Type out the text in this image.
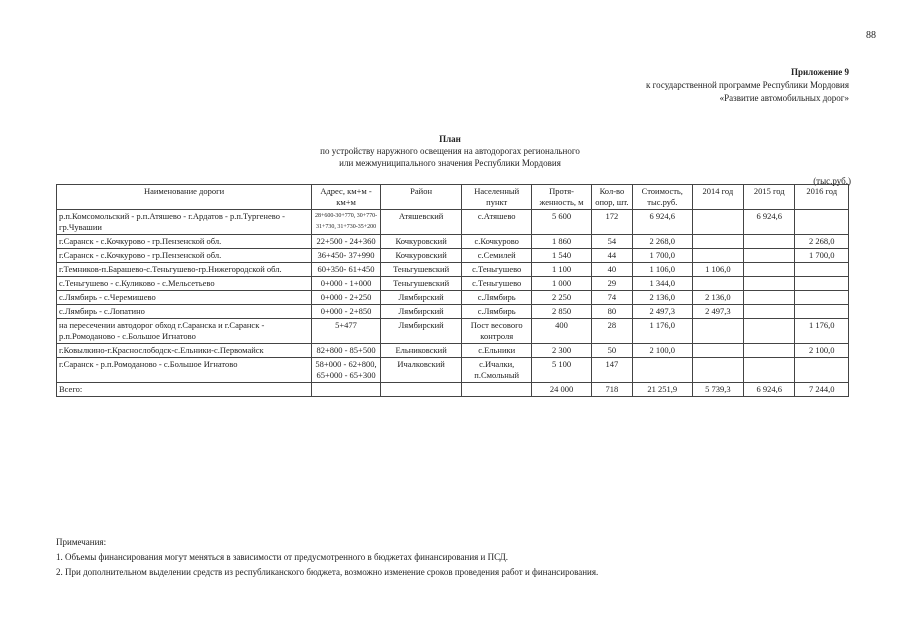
88
Приложение 9
к государственной программе Республики Мордовия
«Развитие автомобильных дорог»
План
по устройству наружного освещения на автодорогах регионального
или межмуниципального значения Республики Мордовия
(тыс.руб.)
Наименование дороги	Адрес, км+м - км+м	Район	Населенный пункт	Протя-женность, м	Кол-во опор, шт.	Стоимость, тыс.руб.	2014 год	2015 год	2016 год
р.п.Комсомольский - р.п.Атяшево - г.Ардатов - р.п.Тургенево - гр.Чувашии	28+600-30+770, 30+770-31+730, 31+730-35+200	Атяшевский	с.Атяшево	5 600	172	6 924,6		6 924,6	
г.Саранск - с.Кочкурово - гр.Пензенской обл.	22+500 - 24+360	Кочкуровский	с.Кочкурово	1 860	54	2 268,0			2 268,0
г.Саранск - с.Кочкурово - гр.Пензенской обл.	36+450- 37+990	Кочкуровский	с.Семилей	1 540	44	1 700,0			1 700,0
г.Темников-п.Барашево-с.Теньгушево-гр.Нижегородской обл.	60+350- 61+450	Теньгушевский	с.Теньгушево	1 100	40	1 106,0	1 106,0		
с.Теньгушево - с.Куликово - с.Мельсетьево	0+000 - 1+000	Теньгушевский	с.Теньгушево	1 000	29	1 344,0			
с.Лямбирь - с.Черемишево	0+000 - 2+250	Лямбирский	с.Лямбирь	2 250	74	2 136,0	2 136,0		
с.Лямбирь - с.Лопатино	0+000 - 2+850	Лямбирский	с.Лямбирь	2 850	80	2 497,3	2 497,3		
на пересечении автодорог обход г.Саранска и г.Саранск - р.п.Ромоданово - с.Большое Игнатово	5+477	Лямбирский	Пост весового контроля	400	28	1 176,0			1 176,0
г.Ковылкино-г.Краснослободск-с.Ельники-с.Первомайск	82+800 - 85+500	Ельниковский	с.Ельники	2 300	50	2 100,0			2 100,0
г.Саранск - р.п.Ромоданово - с.Большое Игнатово	58+000 - 62+800, 65+000 - 65+300	Ичалковский	с.Ичалки, п.Смольный	5 100	147				
Всего:				24 000	718	21 251,9	5 739,3	6 924,6	7 244,0
Примечания:
1. Объемы финансирования могут меняться в зависимости от предусмотренного в бюджетах финансирования и ПСД.
2. При дополнительном выделении средств из республиканского бюджета, возможно изменение сроков проведения работ и финансирования.
